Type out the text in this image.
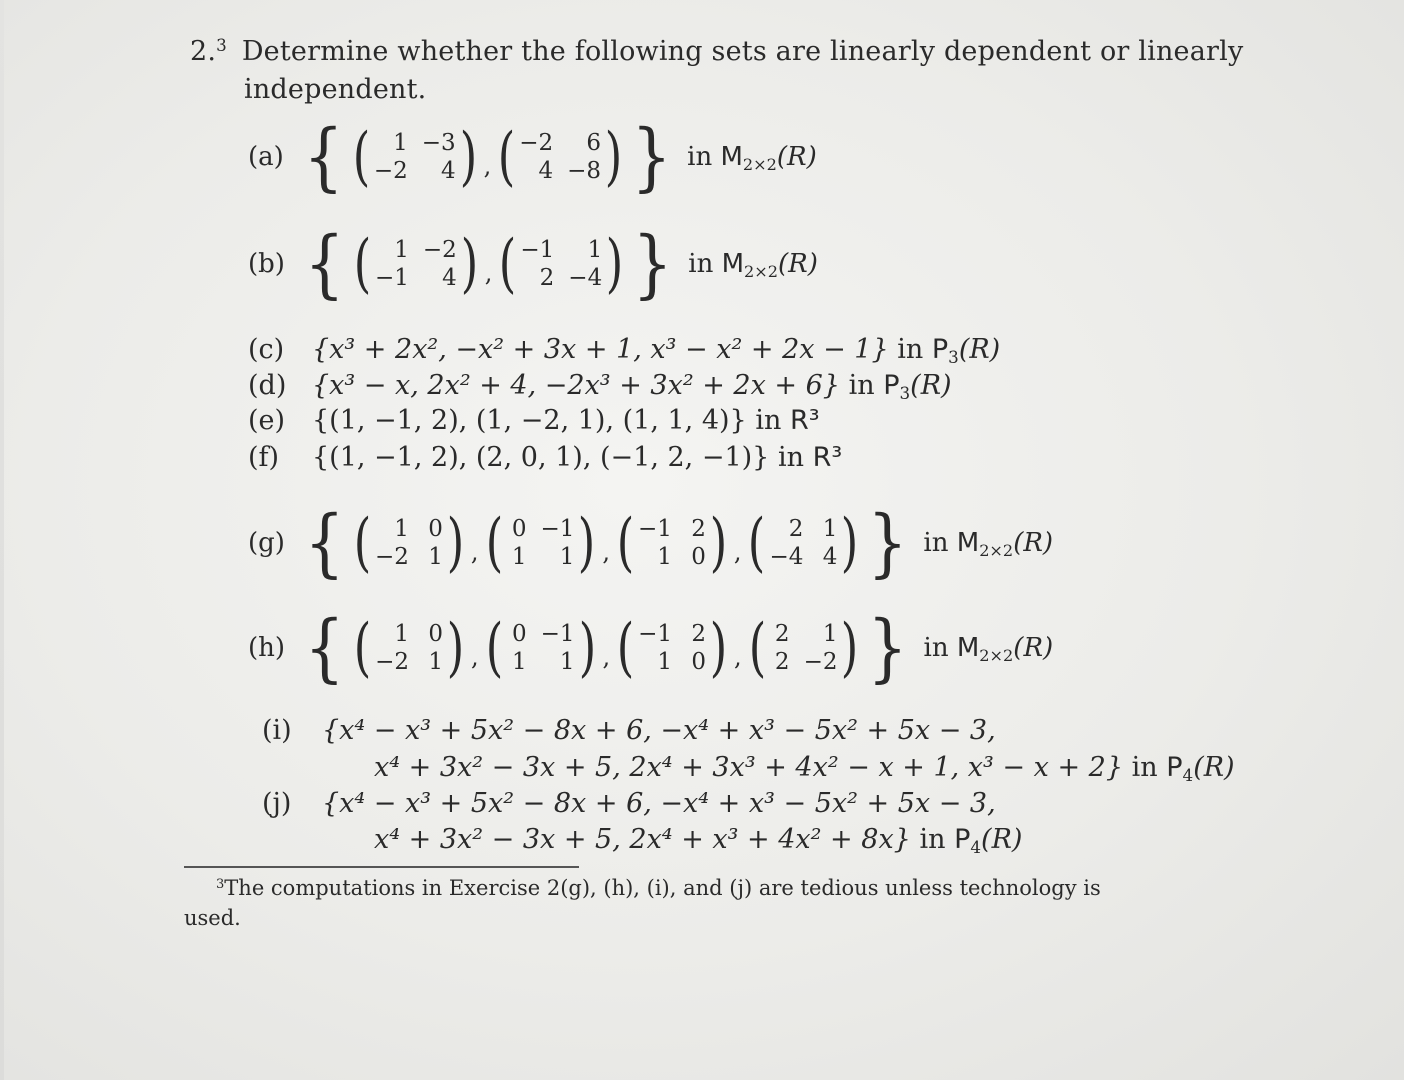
2.$^3$ Determine whether the following sets are linearly dependent or linearly
independent.
(a) { (	1 −3
−2	4 ) , ( −2	6
4 −8 ) } in $M_{2\times 2}(R)$
(b) { (	1 −2
−1	4 ) , ( −1	1
2 −4 ) } in $M_{2\times 2}(R)$
(c) {x³ + 2x², −x² + 3x + 1, x³ − x² + 2x − 1} in $P_3(R)$
(d) {x³ − x, 2x² + 4, −2x³ + 3x² + 2x + 6} in $P_3(R)$
(e) {(1, −1, 2), (1, −2, 1), (1, 1, 4)} in R³
(f) {(1, −1, 2), (2, 0, 1), (−1, 2, −1)} in R³
(g) { (	1 0
−2 1 ) , ( 0 −1
1	1 ) , ( −1 2
1 0 ) , (	2 1
−4 4 ) } in $M_{2\times 2}(R)$
(h) { (	1 0
−2 1 ) , ( 0 −1
1	1 ) , ( −1 2
1 0 ) , ( 2	1
2 −2 ) } in $M_{2\times 2}(R)$
(i) {x⁴ − x³ + 5x² − 8x + 6, −x⁴ + x³ − 5x² + 5x − 3,
x⁴ + 3x² − 3x + 5, 2x⁴ + 3x³ + 4x² − x + 1, x³ − x + 2} in $P_4(R)$
(j) {x⁴ − x³ + 5x² − 8x + 6, −x⁴ + x³ − 5x² + 5x − 3,
x⁴ + 3x² − 3x + 5, 2x⁴ + x³ + 4x² + 8x} in $P_4(R)$
$^3$The computations in Exercise 2(g), (h), (i), and (j) are tedious unless technology is
used.
